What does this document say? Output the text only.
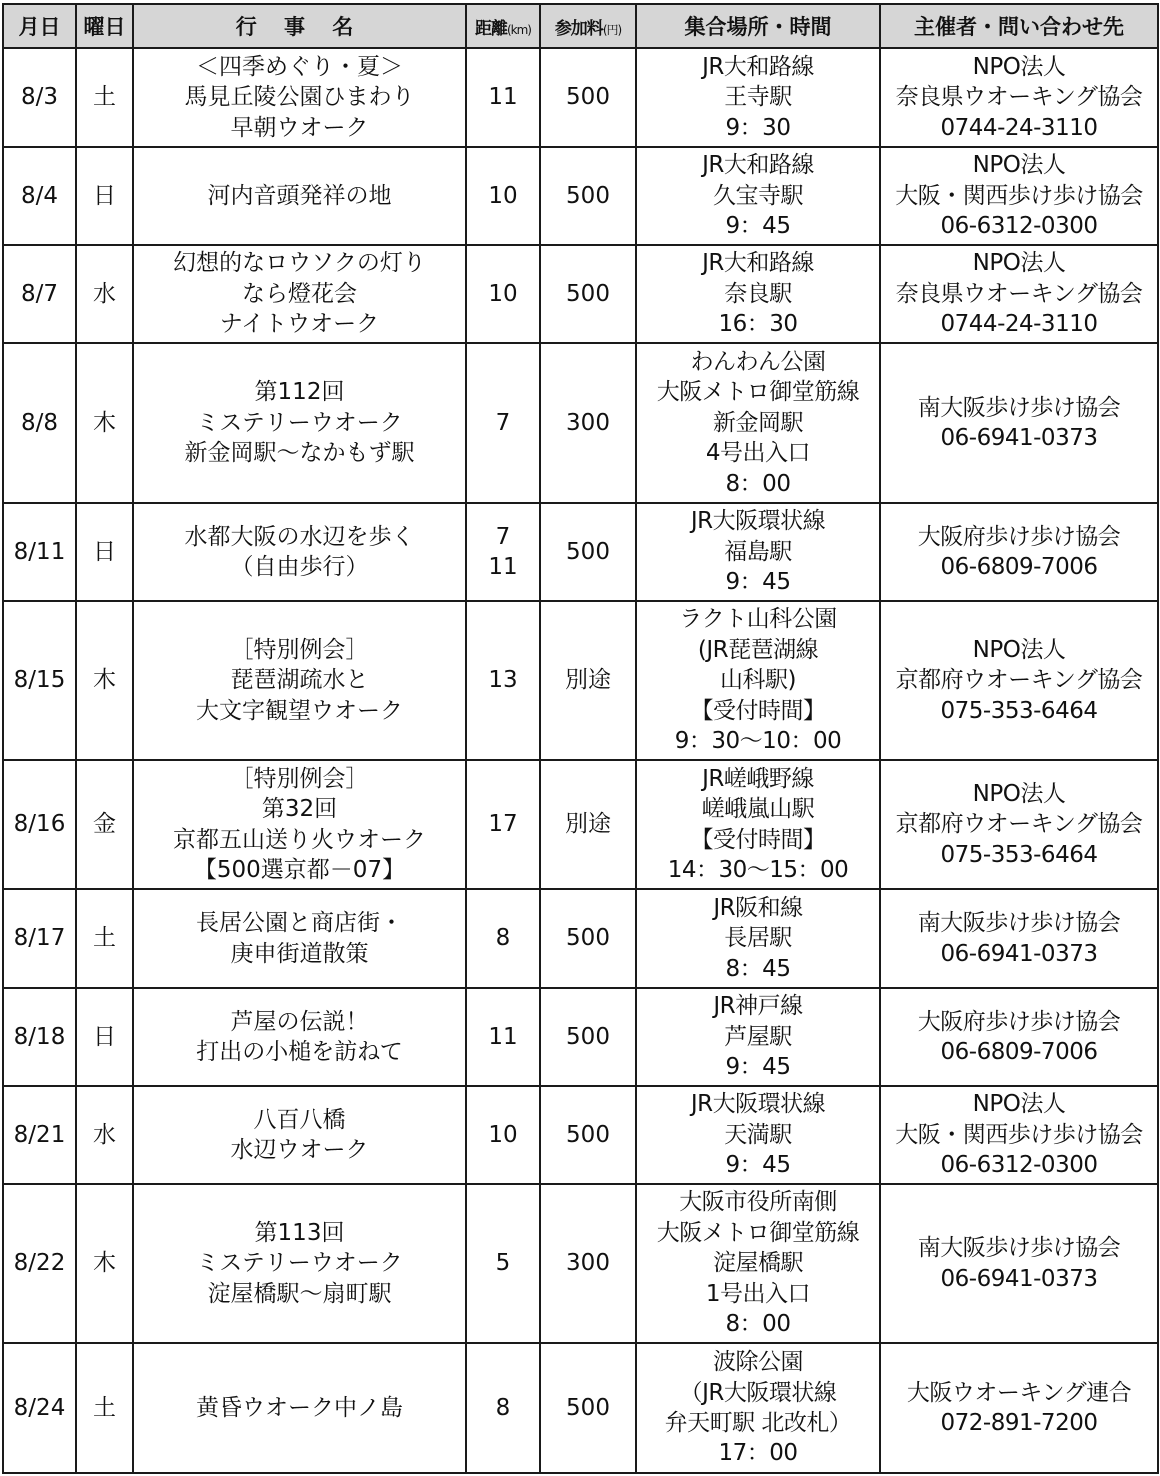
月日	曜日	行 事 名	距離(km)	参加料(円)	集合場所・時間	主催者・問い合わせ先
8/3	土	＜四季めぐり・夏＞
馬見丘陵公園ひまわり
早朝ウオーク	11	500	JR大和路線
王寺駅
9：30	NPO法人
奈良県ウオーキング協会
0744-24-3110

8/4	日	河内音頭発祥の地	10	500	JR大和路線
久宝寺駅
9：45	NPO法人
大阪・関西歩け歩け協会
06-6312-0300

8/7	水	幻想的なロウソクの灯り
なら燈花会
ナイトウオーク	10	500	JR大和路線
奈良駅
16：30	NPO法人
奈良県ウオーキング協会
0744-24-3110

8/8	木	第112回
ミステリーウオーク
新金岡駅～なかもず駅	7	300	わんわん公園
大阪メトロ御堂筋線
新金岡駅
4号出入口
8：00	南大阪歩け歩け協会
06-6941-0373

8/11	日	水都大阪の水辺を歩く
（自由歩行）	7
11	500	JR大阪環状線
福島駅
9：45	大阪府歩け歩け協会
06-6809-7006

8/15	木	［特別例会］
琵琶湖疏水と
大文字観望ウオーク	13	別途	ラクト山科公園
(JR琵琶湖線
山科駅)
【受付時間】
9：30～10：00	NPO法人
京都府ウオーキング協会
075-353-6464

8/16	金	［特別例会］
第32回
京都五山送り火ウオーク
【500選京都－07】	17	別途	JR嵯峨野線
嵯峨嵐山駅
【受付時間】
14：30～15：00	NPO法人
京都府ウオーキング協会
075-353-6464

8/17	土	長居公園と商店街・
庚申街道散策	8	500	JR阪和線
長居駅
8：45	南大阪歩け歩け協会
06-6941-0373

8/18	日	芦屋の伝説！
打出の小槌を訪ねて	11	500	JR神戸線
芦屋駅
9：45	大阪府歩け歩け協会
06-6809-7006

8/21	水	八百八橋
水辺ウオーク	10	500	JR大阪環状線
天満駅
9：45	NPO法人
大阪・関西歩け歩け協会
06-6312-0300

8/22	木	第113回
ミステリーウオーク
淀屋橋駅～扇町駅	5	300	大阪市役所南側
大阪メトロ御堂筋線
淀屋橋駅
1号出入口
8：00	南大阪歩け歩け協会
06-6941-0373

8/24	土	黄昏ウオーク中ノ島	8	500	波除公園
（JR大阪環状線
弁天町駅 北改札）
17：00	大阪ウオーキング連合
072-891-7200
